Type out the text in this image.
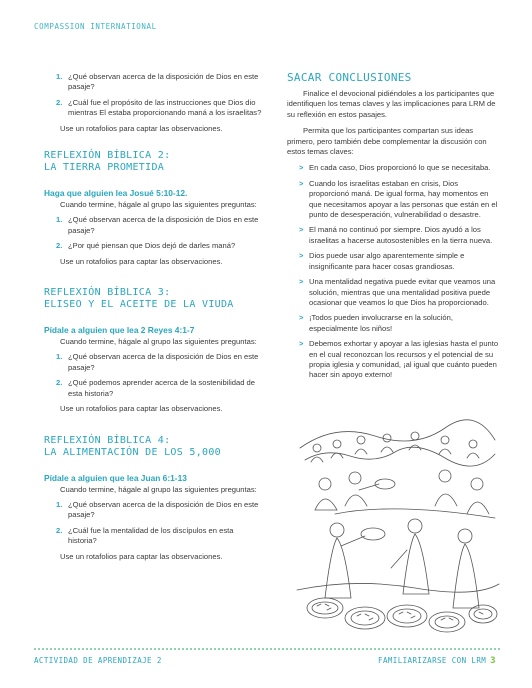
COMPASSION INTERNATIONAL
1. ¿Qué observan acerca de la disposición de Dios en este pasaje?
2. ¿Cuál fue el propósito de las instrucciones que Dios dio mientras El estaba proporcionando maná a los israelitas?

Use un rotafolios para captar las observaciones.

REFLEXIÓN BÍBLICA 2:
LA TIERRA PROMETIDA
Haga que alguien lea Josué 5:10-12.

Cuando termine, hágale al grupo las siguientes preguntas:

1. ¿Qué observan acerca de la disposición de Dios en este pasaje?
2. ¿Por qué piensan que Dios dejó de darles maná?

Use un rotafolios para captar las observaciones.

REFLEXIÓN BÍBLICA 3:
ELISEO Y EL ACEITE DE LA VIUDA
Pídale a alguien que lea 2 Reyes 4:1-7

Cuando termine, hágale al grupo las siguientes preguntas:

1. ¿Qué observan acerca de la disposición de Dios en este pasaje?
2. ¿Qué podemos aprender acerca de la sostenibilidad de esta historia?

Use un rotafolios para captar las observaciones.

REFLEXIÓN BÍBLICA 4:
LA ALIMENTACIÓN DE LOS 5,000
Pídale a alguien que lea Juan 6:1-13

Cuando termine, hágale al grupo las siguientes preguntas:

1. ¿Qué observan acerca de la disposición de Dios en este pasaje?
2. ¿Cuál fue la mentalidad de los discípulos en esta historia?

Use un rotafolios para captar las observaciones.

SACAR CONCLUSIONES

Finalice el devocional pidiéndoles a los participantes que identifiquen los temas claves y las implicaciones para LRM de su reflexión en estos pasajes.

Permita que los participantes compartan sus ideas primero, pero también debe complementar la discusión con estos temas claves:

> En cada caso, Dios proporcionó lo que se necesitaba.
> Cuando los israelitas estaban en crisis, Dios proporcionó maná. De igual forma, hay momentos en que necesitamos apoyar a las personas que están en el punto de desesperación, vulnerabilidad o desastre.
> El maná no continuó por siempre. Dios ayudó a los israelitas a hacerse autosostenibles en la tierra nueva.
> Dios puede usar algo aparentemente simple e insignificante para hacer cosas grandiosas.
> Una mentalidad negativa puede evitar que veamos una solución, mientras que una mentalidad positiva puede ocasionar que veamos lo que Dios ha proporcionado.
> ¡Todos pueden involucrarse en la solución, especialmente los niños!
> Debemos exhortar y apoyar a las iglesias hasta el punto en el cual reconozcan los recursos y el potencial de su propia iglesia y comunidad, ¡al igual que cuánto pueden hacer sin apoyo externo!
ACTIVIDAD DE APRENDIZAJE 2	FAMILIARIZARSE CON LRM 3
